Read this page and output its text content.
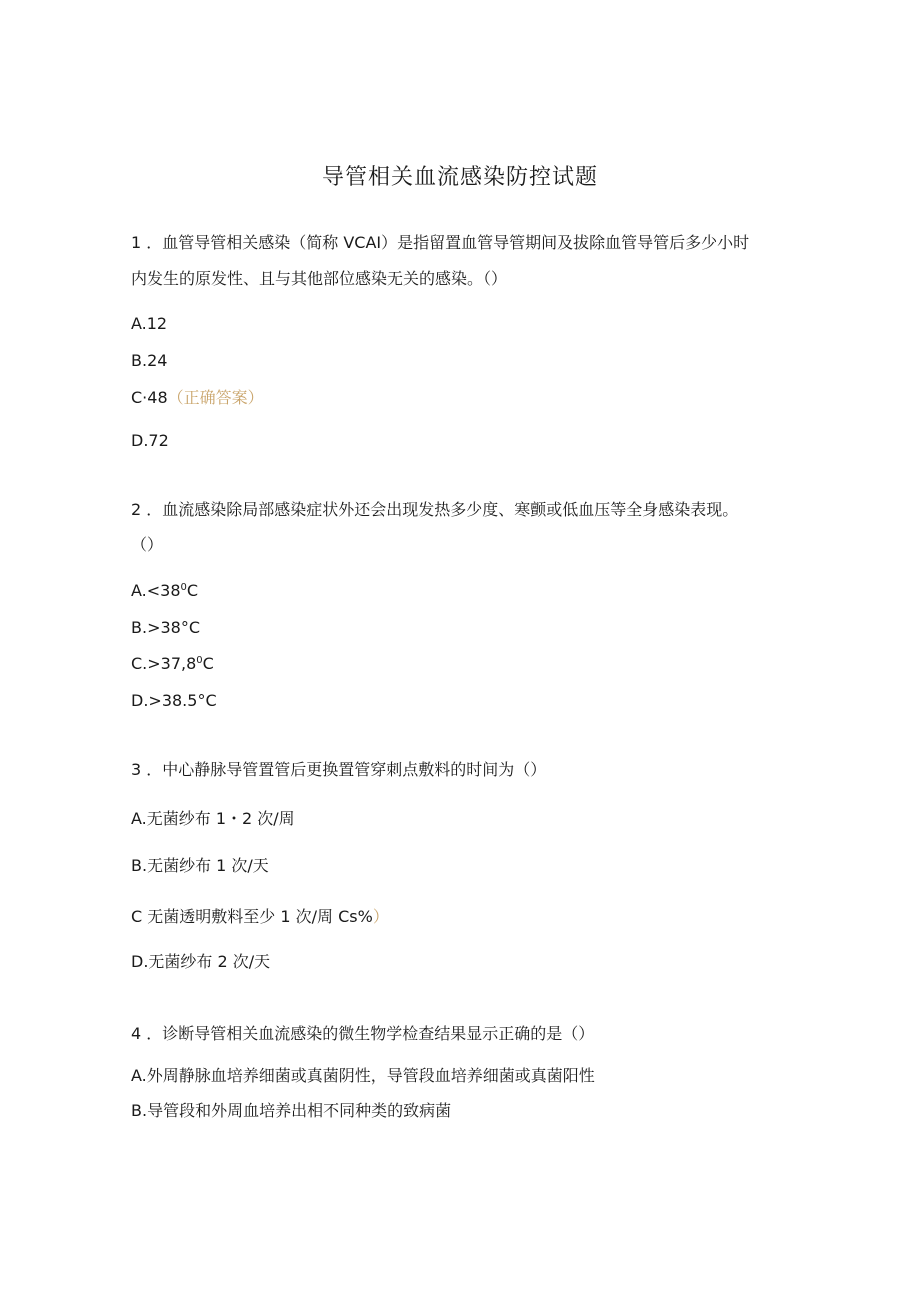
导管相关血流感染防控试题
1 ．血管导管相关感染（简称 VCAI）是指留置血管导管期间及拔除血管导管后多少小时
内发生的原发性、且与其他部位感染无关的感染。（）
A.12
B.24
C·48（正确答案）
D.72
2 ．血流感染除局部感染症状外还会出现发热多少度、寒颤或低血压等全身感染表现。
（）
$A.<38^0C$
B.>38°C
$C.>37,8^0C$
D.>38.5°C
3 ．中心静脉导管置管后更换置管穿刺点敷料的时间为（）
A.无菌纱布 1・2 次/周
B.无菌纱布 1 次/天
C 无菌透明敷料至少 1 次/周 Cs%）
D.无菌纱布 2 次/天
4 ．诊断导管相关血流感染的微生物学检查结果显示正确的是（）
A.外周静脉血培养细菌或真菌阴性，导管段血培养细菌或真菌阳性
B.导管段和外周血培养出相不同种类的致病菌
